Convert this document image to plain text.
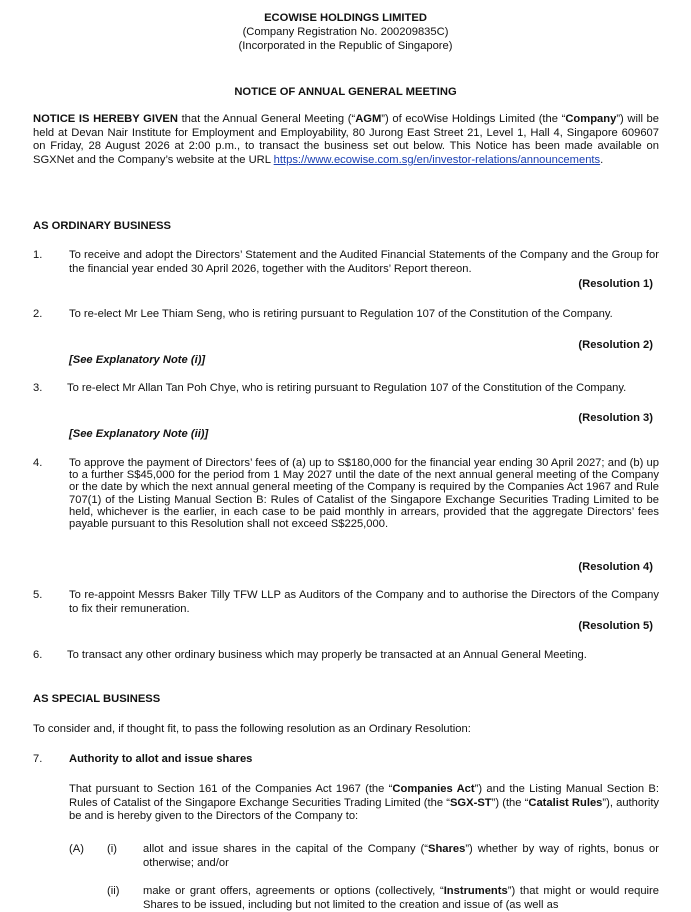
ECOWISE HOLDINGS LIMITED
(Company Registration No. 200209835C)
(Incorporated in the Republic of Singapore)
NOTICE OF ANNUAL GENERAL MEETING
NOTICE IS HEREBY GIVEN that the Annual General Meeting (“AGM”) of ecoWise Holdings Limited (the “Company”) will be held at Devan Nair Institute for Employment and Employability, 80 Jurong East Street 21, Level 1, Hall 4, Singapore 609607 on Friday, 28 August 2026 at 2:00 p.m., to transact the business set out below. This Notice has been made available on SGXNet and the Company’s website at the URL https://www.ecowise.com.sg/en/investor-relations/announcements.
AS ORDINARY BUSINESS
1. To receive and adopt the Directors’ Statement and the Audited Financial Statements of the Company and the Group for the financial year ended 30 April 2026, together with the Auditors’ Report thereon.
(Resolution 1)
2. To re-elect Mr Lee Thiam Seng, who is retiring pursuant to Regulation 107 of the Constitution of the Company.
(Resolution 2)
[See Explanatory Note (i)]
3. To re-elect Mr Allan Tan Poh Chye, who is retiring pursuant to Regulation 107 of the Constitution of the Company.
(Resolution 3)
[See Explanatory Note (ii)]
4. To approve the payment of Directors’ fees of (a) up to S$180,000 for the financial year ending 30 April 2027; and (b) up to a further S$45,000 for the period from 1 May 2027 until the date of the next annual general meeting of the Company or the date by which the next annual general meeting of the Company is required by the Companies Act 1967 and Rule 707(1) of the Listing Manual Section B: Rules of Catalist of the Singapore Exchange Securities Trading Limited to be held, whichever is the earlier, in each case to be paid monthly in arrears, provided that the aggregate Directors’ fees payable pursuant to this Resolution shall not exceed S$225,000.
(Resolution 4)
5. To re-appoint Messrs Baker Tilly TFW LLP as Auditors of the Company and to authorise the Directors of the Company to fix their remuneration.
(Resolution 5)
6. To transact any other ordinary business which may properly be transacted at an Annual General Meeting.
AS SPECIAL BUSINESS
To consider and, if thought fit, to pass the following resolution as an Ordinary Resolution:
7. Authority to allot and issue shares
That pursuant to Section 161 of the Companies Act 1967 (the “Companies Act”) and the Listing Manual Section B: Rules of Catalist of the Singapore Exchange Securities Trading Limited (the “SGX-ST”) (the “Catalist Rules”), authority be and is hereby given to the Directors of the Company to:
(A) (i) allot and issue shares in the capital of the Company (“Shares”) whether by way of rights, bonus or otherwise; and/or
(ii) make or grant offers, agreements or options (collectively, “Instruments”) that might or would require Shares to be issued, including but not limited to the creation and issue of (as well as
